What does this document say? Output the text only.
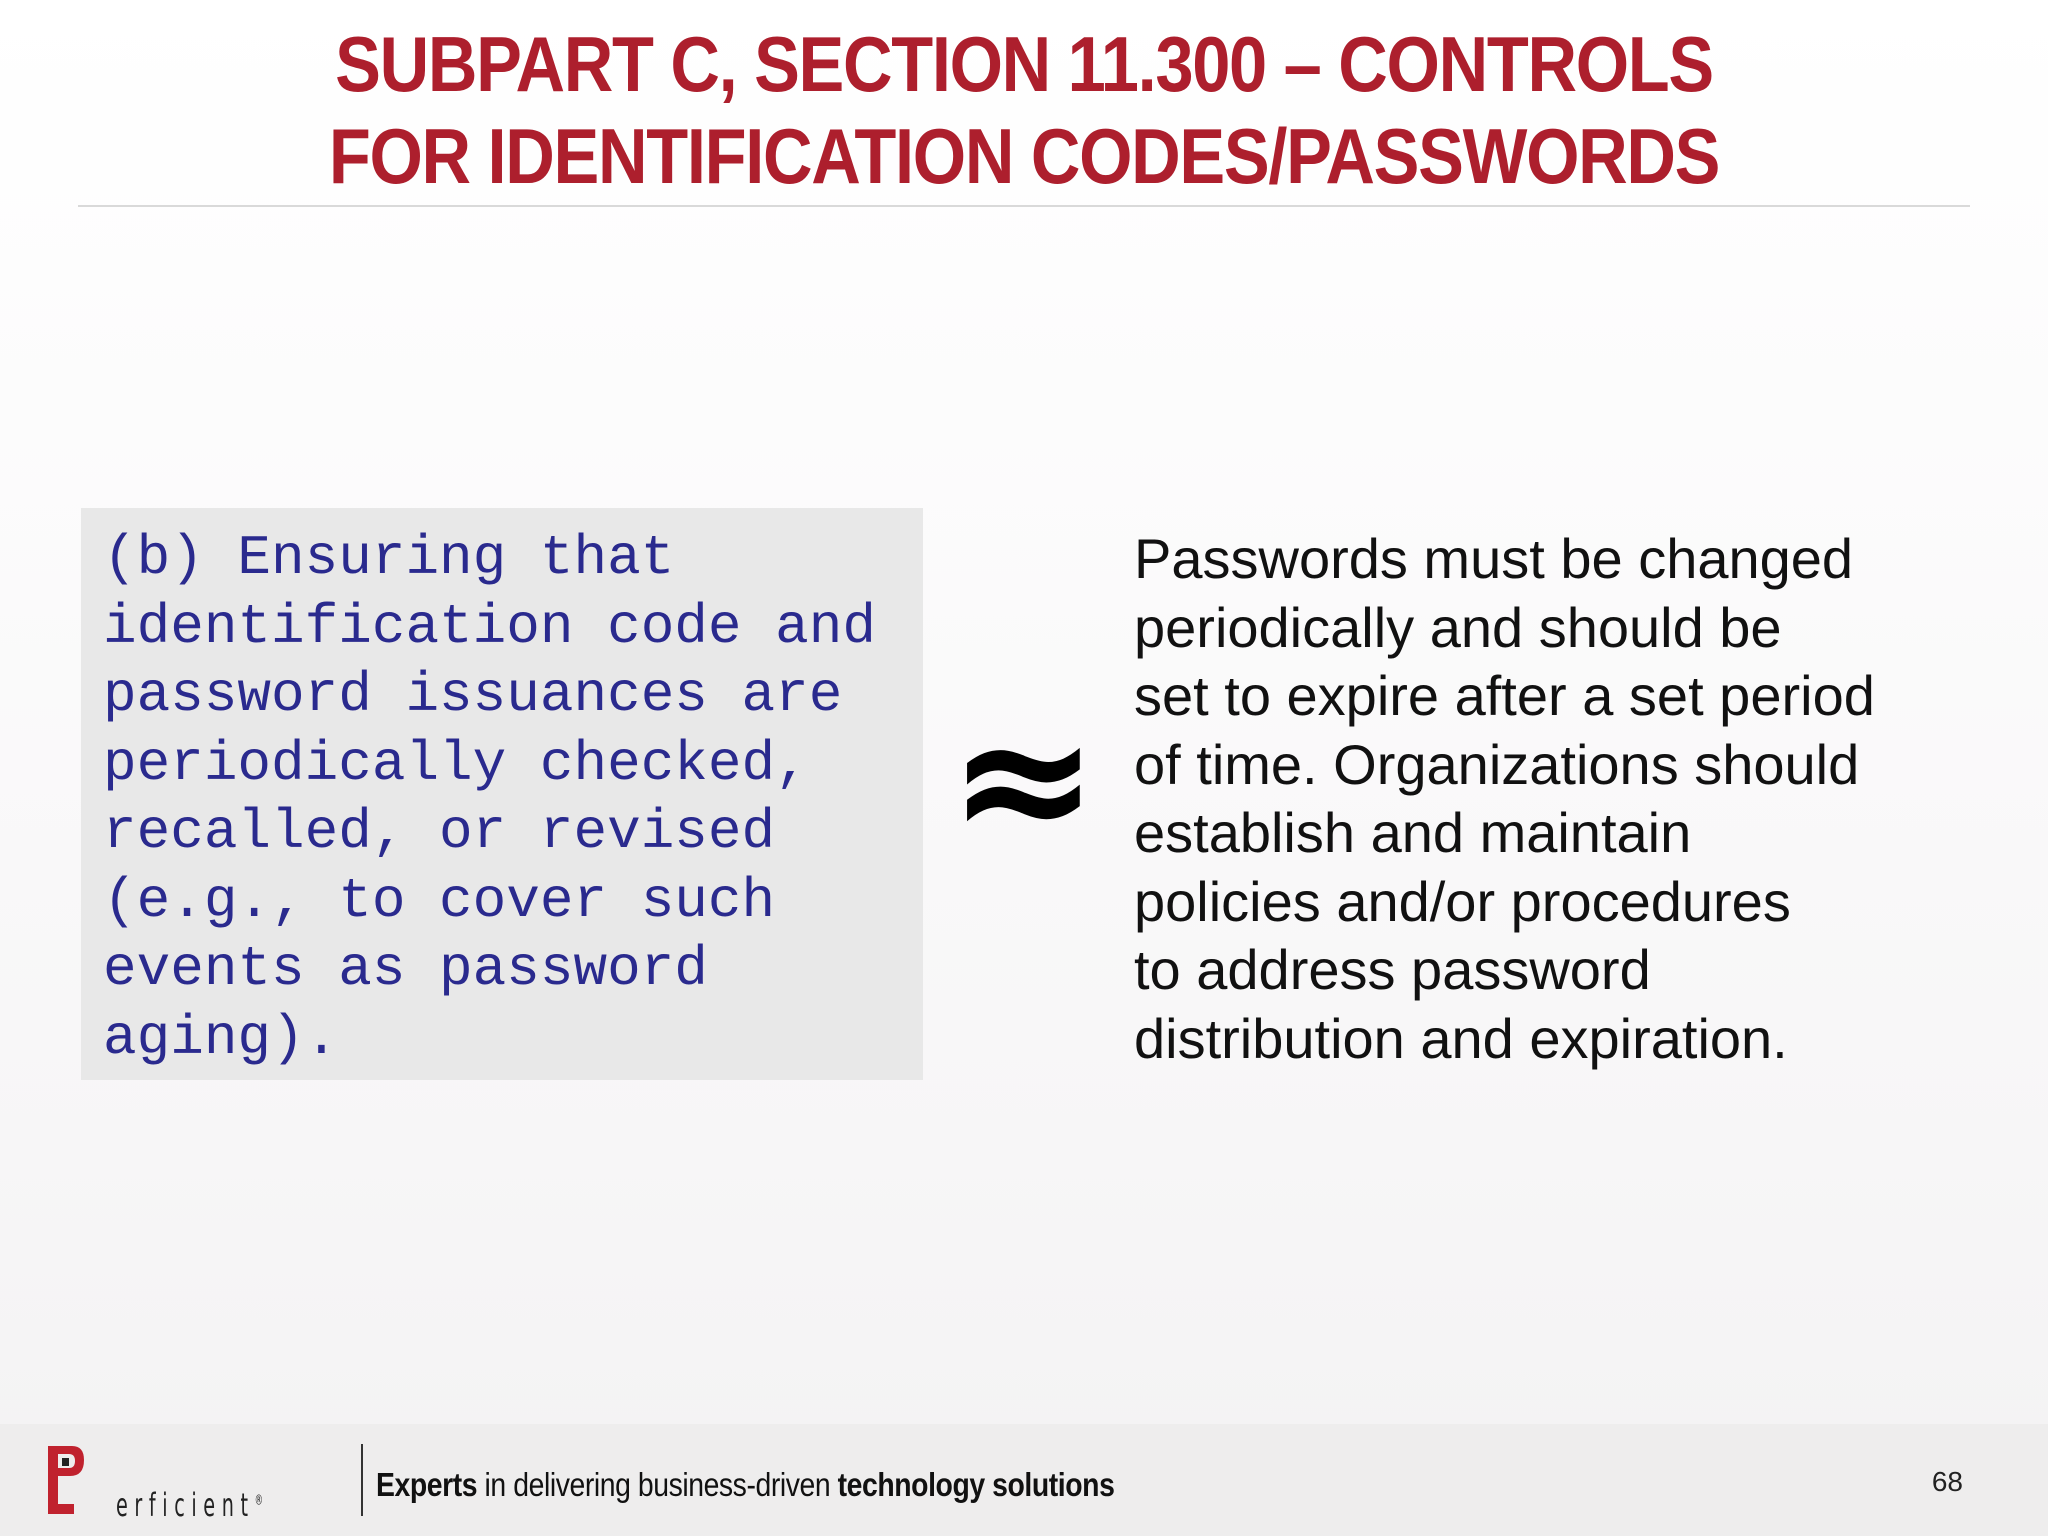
SUBPART C, SECTION 11.300 – CONTROLS
FOR IDENTIFICATION CODES/PASSWORDS

(b) Ensuring that
identification code and
password issuances are
periodically checked,
recalled, or revised
(e.g., to cover such
events as password
aging).

≈
Passwords must be changed
periodically and should be
set to expire after a set period
of time. Organizations should
establish and maintain
policies and/or procedures
to address password
distribution and expiration.
erficient®	Experts in delivering business-driven technology solutions	68
